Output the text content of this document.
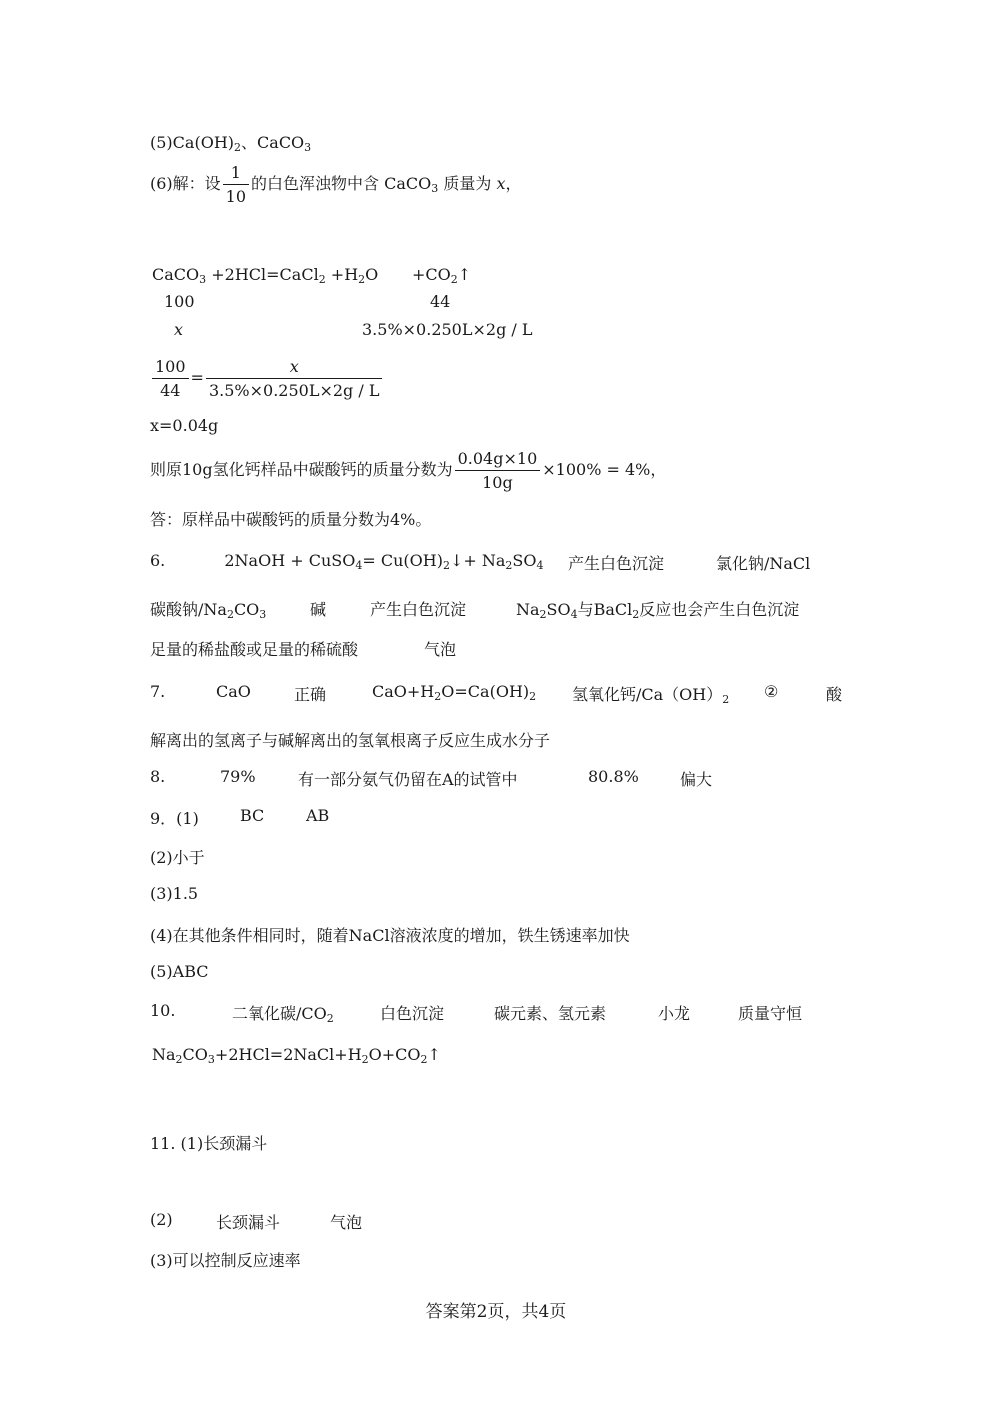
$(5)Ca(OH)_2$、CaCO$_3$
(6)解：设 $\frac{1}{10}$ 的白色浑浊物中含 CaCO$_3$ 质量为 x，
CaCO$_3$ +2HCl=CaCl$_2$ $+H_2O$ $+CO_2↑$
100	44
x	3.5%×0.250L×2g / L
$\frac{100}{44} = \frac{x}{3.5\%\times 0.250L\times 2g / L}$
x=0.04g
则原10g氢化钙样品中碳酸钙的质量分数为 $\frac{0.04g\times 10}{10g} \times 100\% = 4\%$，
答：原样品中碳酸钙的质量分数为4%。
6.	2NaOH + CuSO$_4$= $Cu(OH)_2↓+ Na_2SO_4$ 产生白色沉淀	氯化钠/NaCl
碳酸钠$/Na_2CO_3$	碱	产生白色沉淀	$Na_2SO_4$与BaCl$_2$反应也会产生白色沉淀
足量的稀盐酸或足量的稀硫酸	气泡
7.	CaO	正确	$CaO+H_2O=Ca(OH)_2$ 氢氧化钙$/Ca(OH)_2$ ②	酸
解离出的氢离子与碱解离出的氢氧根离子反应生成水分子
8.	79%	有一部分氨气仍留在A的试管中	80.8%	偏大
9．(1)	BC	AB
(2)小于
(3)1.5
(4)在其他条件相同时，随着NaCl溶液浓度的增加，铁生锈速率加快
(5)ABC
10.	二氧化碳$/CO_2$	白色沉淀	碳元素、氢元素	小龙	质量守恒
$Na_2CO_3+2HCl=2NaCl+H_2O+CO_2↑$
11. (1)长颈漏斗
(2)	长颈漏斗	气泡
(3)可以控制反应速率
答案第2页，共4页
